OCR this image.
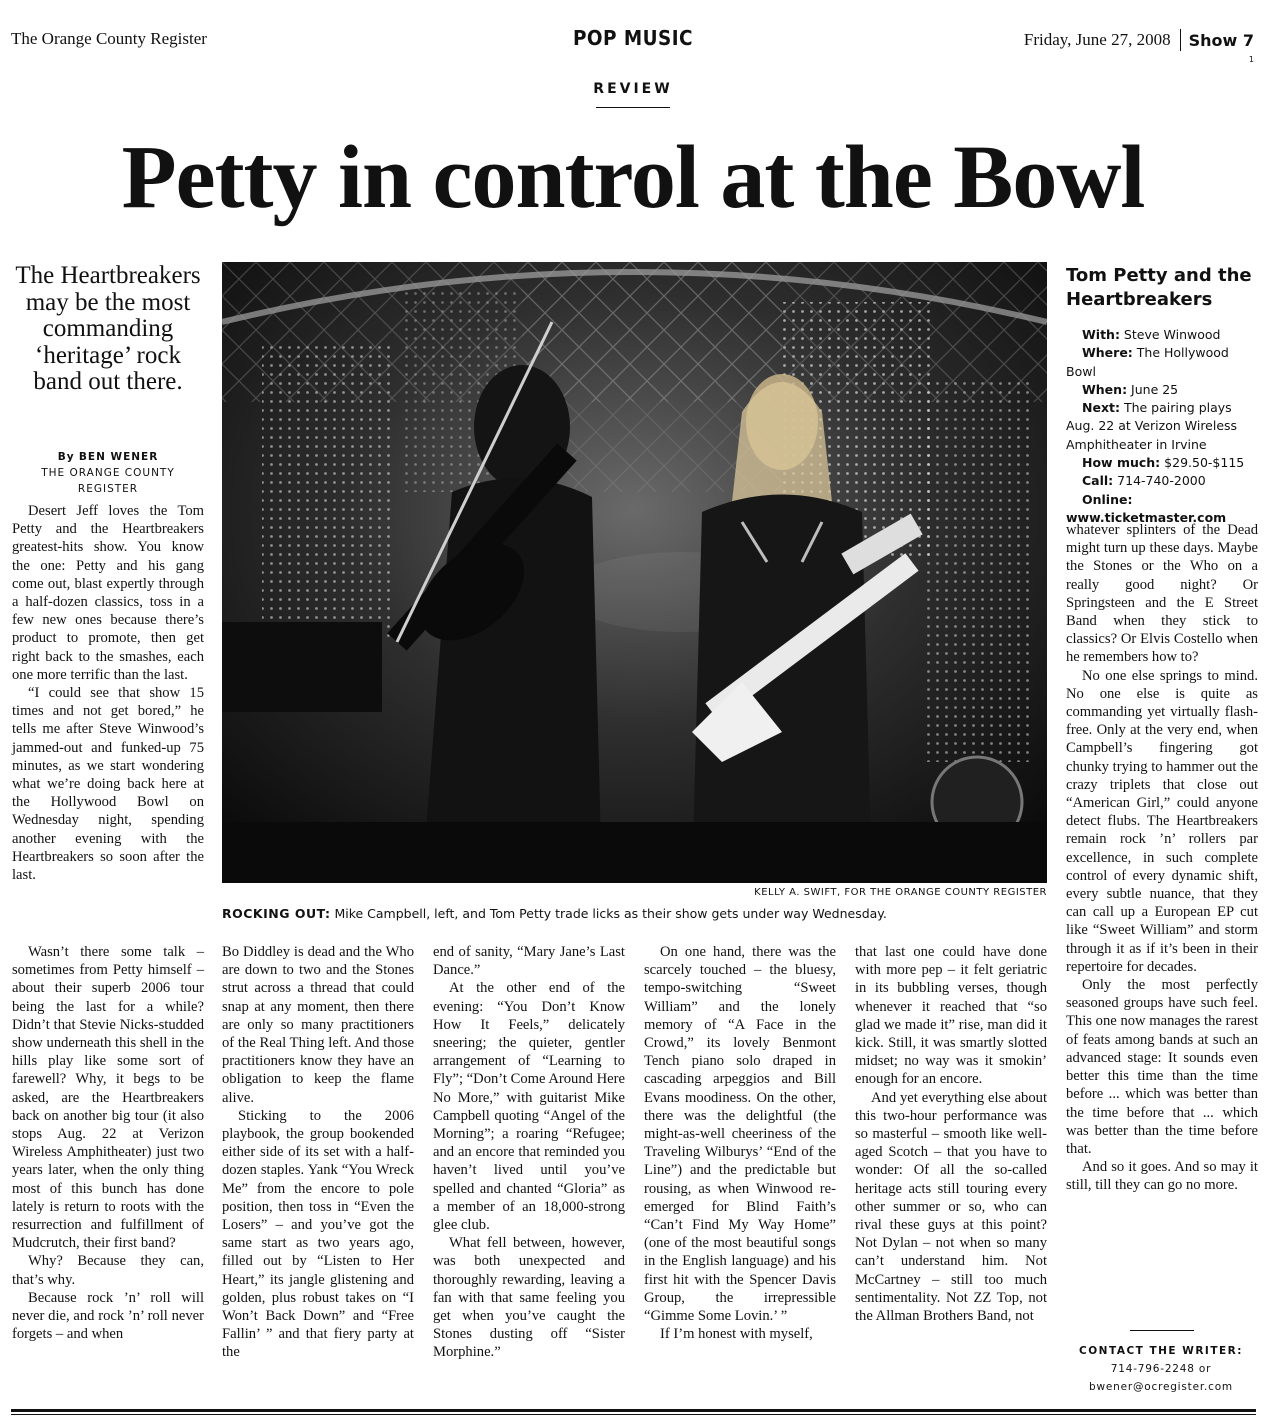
The Orange County Register	POP MUSIC	Friday, June 27, 2008 Show 7
1
REVIEW
Petty in control at the Bowl
The Heartbreakers may be the most commanding ‘heritage’ rock band out there.
By BEN WENER
THE ORANGE COUNTY REGISTER
KELLY A. SWIFT, FOR THE ORANGE COUNTY REGISTER
ROCKING OUT: Mike Campbell, left, and Tom Petty trade licks as their show gets under way Wednesday.

Desert Jeff loves the Tom Petty and the Heartbreakers greatest-hits show. You know the one: Petty and his gang come out, blast expertly through a half-dozen classics, toss in a few new ones because there’s product to promote, then get right back to the smashes, each one more terrific than the last.

“I could see that show 15 times and not get bored,” he tells me after Steve Winwood’s jammed-out and funked-up 75 minutes, as we start wondering what we’re doing back here at the Hollywood Bowl on Wednesday night, spending another evening with the Heartbreakers so soon after the last.

Wasn’t there some talk – sometimes from Petty himself – about their superb 2006 tour being the last for a while? Didn’t that Stevie Nicks-studded show underneath this shell in the hills play like some sort of farewell? Why, it begs to be asked, are the Heartbreakers back on another big tour (it also stops Aug. 22 at Verizon Wireless Amphitheater) just two years later, when the only thing most of this bunch has done lately is return to roots with the resurrection and fulfillment of Mudcrutch, their first band?

Why? Because they can, that’s why.

Because rock ’n’ roll will never die, and rock ’n’ roll never forgets – and when

Bo Diddley is dead and the Who are down to two and the Stones strut across a thread that could snap at any moment, then there are only so many practitioners of the Real Thing left. And those practitioners know they have an obligation to keep the flame alive.

Sticking to the 2006 playbook, the group bookended either side of its set with a half-dozen staples. Yank “You Wreck Me” from the encore to pole position, then toss in “Even the Losers” – and you’ve got the same start as two years ago, filled out by “Listen to Her Heart,” its jangle glistening and golden, plus robust takes on “I Won’t Back Down” and “Free Fallin’ ” and that fiery party at the

end of sanity, “Mary Jane’s Last Dance.”

At the other end of the evening: “You Don’t Know How It Feels,” delicately sneering; the quieter, gentler arrangement of “Learning to Fly”; “Don’t Come Around Here No More,” with guitarist Mike Campbell quoting “Angel of the Morning”; a roaring “Refugee; and an encore that reminded you haven’t lived until you’ve spelled and chanted “Gloria” as a member of an 18,000-strong glee club.

What fell between, however, was both unexpected and thoroughly rewarding, leaving a fan with that same feeling you get when you’ve caught the Stones dusting off “Sister Morphine.”

On one hand, there was the scarcely touched – the bluesy, tempo-switching “Sweet William” and the lonely memory of “A Face in the Crowd,” its lovely Benmont Tench piano solo draped in cascading arpeggios and Bill Evans moodiness. On the other, there was the delightful (the might-as-well cheeriness of the Traveling Wilburys’ “End of the Line”) and the predictable but rousing, as when Winwood re-emerged for Blind Faith’s “Can’t Find My Way Home” (one of the most beautiful songs in the English language) and his first hit with the Spencer Davis Group, the irrepressible “Gimme Some Lovin.’ ”

If I’m honest with myself,

that last one could have done with more pep – it felt geriatric in its bubbling verses, though whenever it reached that “so glad we made it” rise, man did it kick. Still, it was smartly slotted midset; no way was it smokin’ enough for an encore.

And yet everything else about this two-hour performance was so masterful – smooth like well-aged Scotch – that you have to wonder: Of all the so-called heritage acts still touring every other summer or so, who can rival these guys at this point? Not Dylan – not when so many can’t understand him. Not McCartney – still too much sentimentality. Not ZZ Top, not the Allman Brothers Band, not

whatever splinters of the Dead might turn up these days. Maybe the Stones or the Who on a really good night? Or Springsteen and the E Street Band when they stick to classics? Or Elvis Costello when he remembers how to?

No one else springs to mind. No one else is quite as commanding yet virtually flash-free. Only at the very end, when Campbell’s fingering got chunky trying to hammer out the crazy triplets that close out “American Girl,” could anyone detect flubs. The Heartbreakers remain rock ’n’ rollers par excellence, in such complete control of every dynamic shift, every subtle nuance, that they can call up a European EP cut like “Sweet William” and storm through it as if it’s been in their repertoire for decades.

Only the most perfectly seasoned groups have such feel. This one now manages the rarest of feats among bands at such an advanced stage: It sounds even better this time than the time before ... which was better than the time before that ... which was better than the time before that.

And so it goes. And so may it still, till they can go no more.

Tom Petty and the Heartbreakers
With: Steve Winwood
Where: The Hollywood Bowl
When: June 25
Next: The pairing plays Aug. 22 at Verizon Wireless Amphitheater in Irvine
How much: $29.50-$115
Call: 714-740-2000
Online:
www.ticketmaster.com
CONTACT THE WRITER:
714-796-2248 or
bwener@ocregister.com
